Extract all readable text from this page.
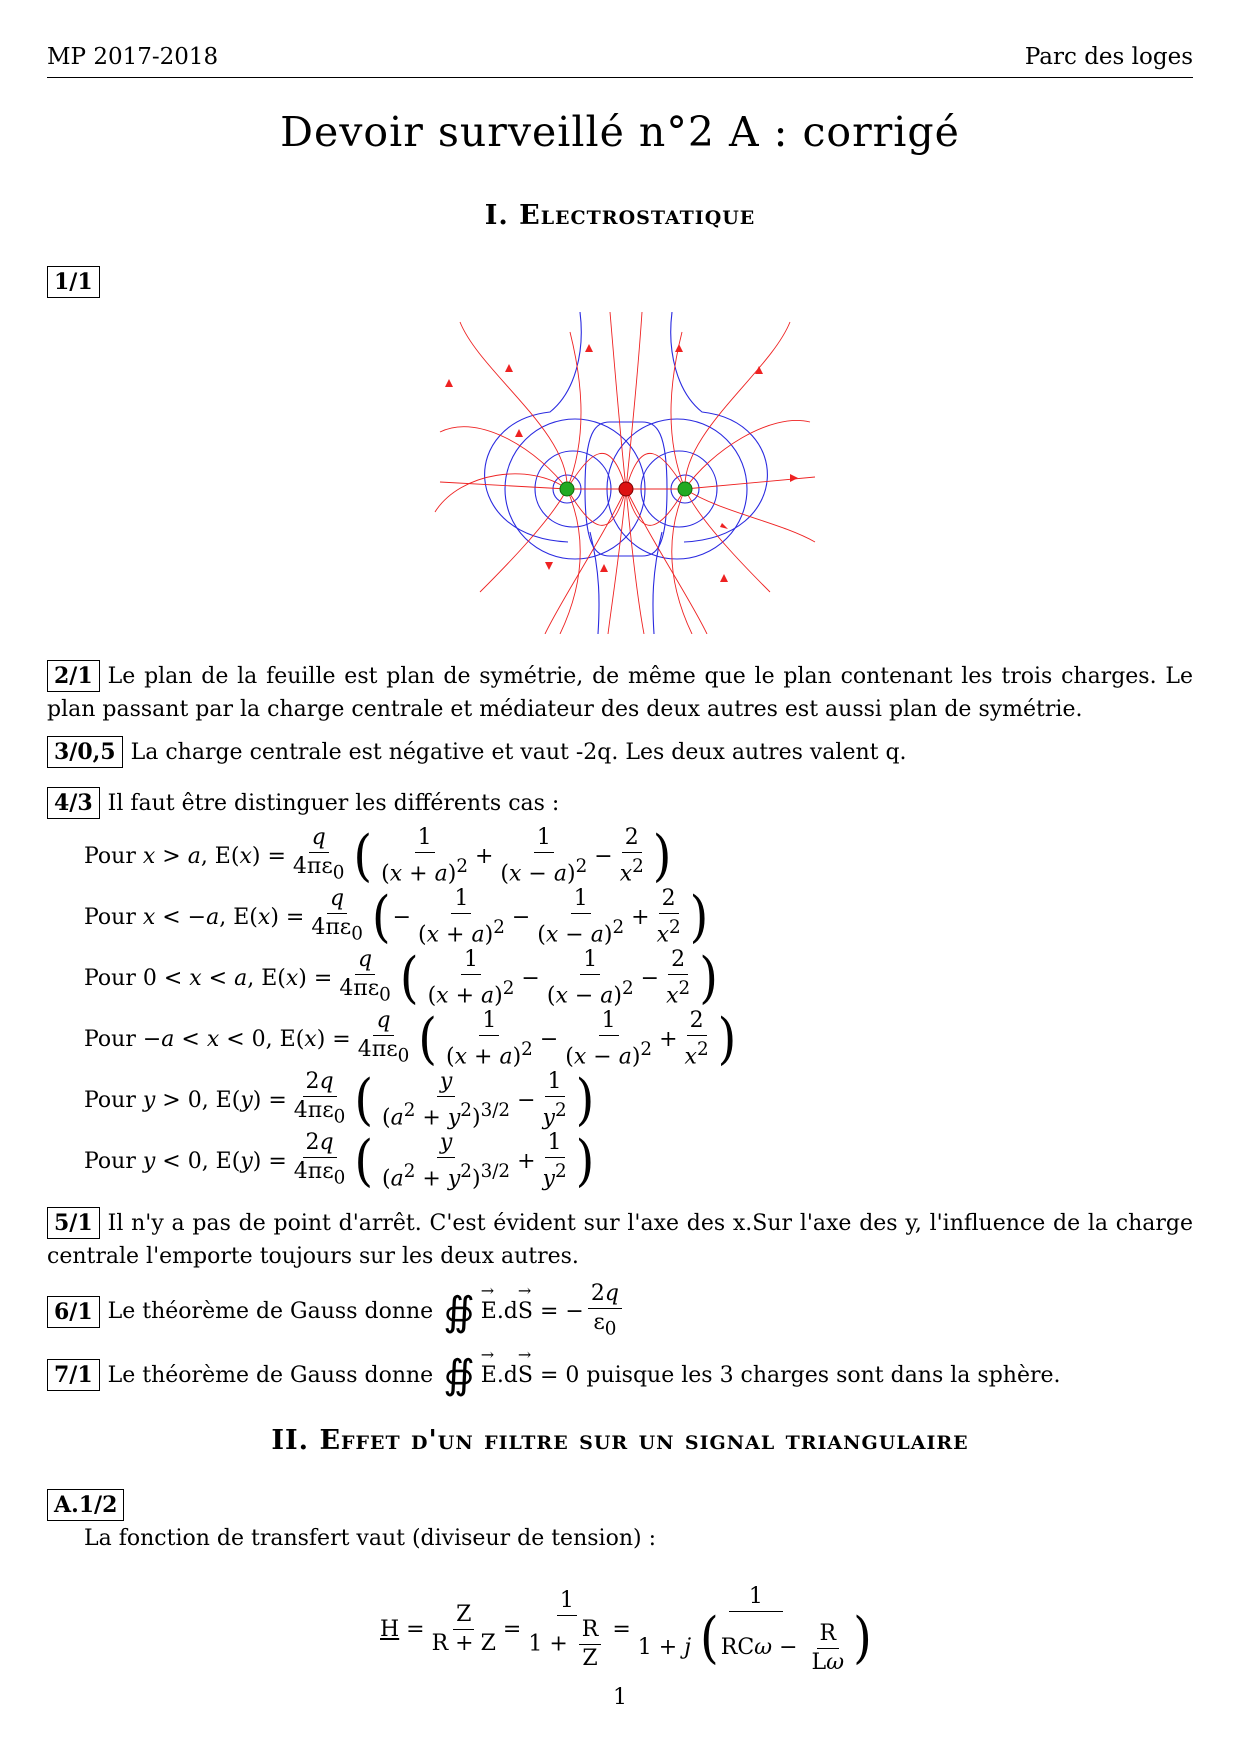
MP 2017-2018	Parc des loges
Devoir surveillé n°2 A : corrigé
I. Electrostatique
1/1
2/1 Le plan de la feuille est plan de symétrie, de même que le plan contenant les trois charges. Le plan passant par la charge centrale et médiateur des deux autres est aussi plan de symétrie.
3/0,5 La charge centrale est négative et vaut -2q. Les deux autres valent q.
4/3 Il faut être distinguer les différents cas :
Pour x > a, $E(x) = \frac{q}{4\pi\varepsilon_0}$ ( $\frac{1}{(x + a)^2} + \frac{1}{(x - a)^2} - \frac{2}{x^2}$ )
Pour x < −a, $E(x) = \frac{q}{4\pi\varepsilon_0}$ ( − $\frac{1}{(x + a)^2} - \frac{1}{(x - a)^2} + \frac{2}{x^2}$ )
Pour 0 < x < a, $E(x) = \frac{q}{4\pi\varepsilon_0}$ ( $\frac{1}{(x + a)^2} - \frac{1}{(x - a)^2} - \frac{2}{x^2}$ )
Pour −a < x < 0, $E(x) = \frac{q}{4\pi\varepsilon_0}$ ( $\frac{1}{(x + a)^2} - \frac{1}{(x - a)^2} + \frac{2}{x^2}$ )
Pour y > 0, $E(y) = \frac{2q}{4\pi\varepsilon_0}$ ( $\frac{y}{(a^2 + y^2)^{3/2}} - \frac{1}{y^2}$ )
Pour y < 0, $E(y) = \frac{2q}{4\pi\varepsilon_0}$ ( $\frac{y}{(a^2 + y^2)^{3/2}} + \frac{1}{y^2}$ )
5/1 Il n'y a pas de point d'arrêt. C'est évident sur l'axe des x.Sur l'axe des y, l'influence de la charge centrale l'emporte toujours sur les deux autres.
6/1 Le théorème de Gauss donne ∯ → E .d → S = − $\frac{2q}{\varepsilon_0}$
7/1 Le théorème de Gauss donne ∯ → E .d → S
= 0 puisque les 3 charges sont dans la sphère.
II. Effet d'un filtre sur un signal triangulaire
A.1/2
La fonction de transfert vaut (diviseur de tension) :
$H = \frac{Z}{R + Z} = \frac{1}{1 + \frac{R}{Z}} = \frac{1}{1 + j (RC\omega - \frac{R}{L\omega} )}$
1
